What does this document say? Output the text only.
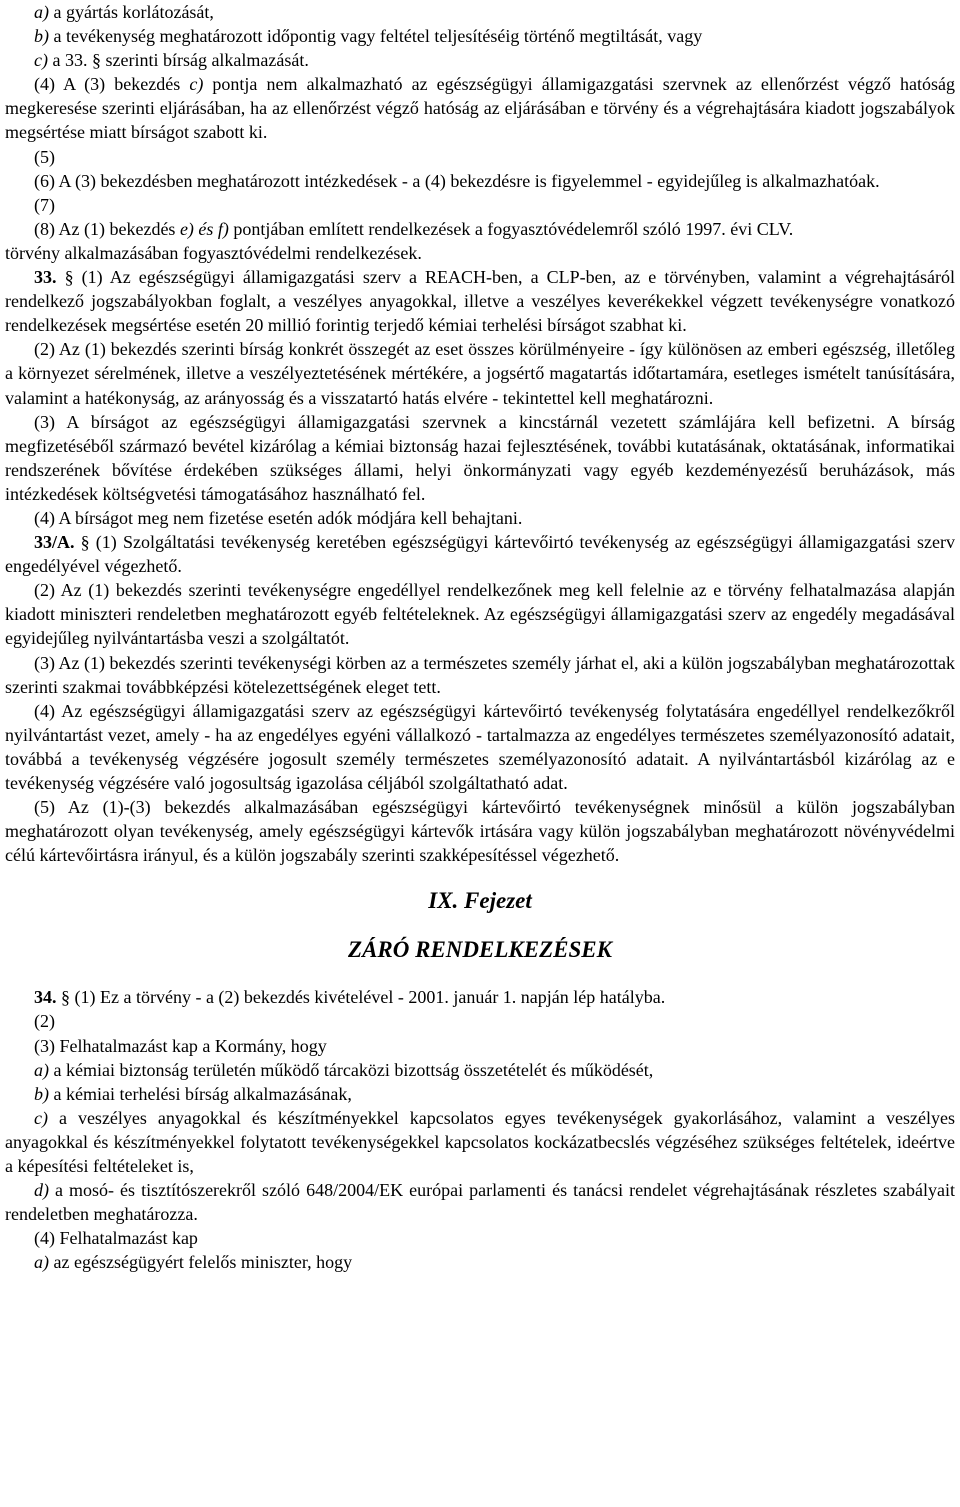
a) a gyártás korlátozását,

b) a tevékenység meghatározott időpontig vagy feltétel teljesítéséig történő megtiltását, vagy

c) a 33. § szerinti bírság alkalmazását.

(4) A (3) bekezdés c) pontja nem alkalmazható az egészségügyi államigazgatási szervnek az ellenőrzést végző hatóság megkeresése szerinti eljárásában, ha az ellenőrzést végző hatóság az eljárásában e törvény és a végrehajtására kiadott jogszabályok megsértése miatt bírságot szabott ki.

(5)

(6) A (3) bekezdésben meghatározott intézkedések - a (4) bekezdésre is figyelemmel - egyidejűleg is alkalmazhatóak.

(7)

(8) Az (1) bekezdés e) és f) pontjában említett rendelkezések a fogyasztóvédelemről szóló 1997. évi CLV.

törvény alkalmazásában fogyasztóvédelmi rendelkezések.

33. § (1) Az egészségügyi államigazgatási szerv a REACH-ben, a CLP-ben, az e törvényben, valamint a végrehajtásáról rendelkező jogszabályokban foglalt, a veszélyes anyagokkal, illetve a veszélyes keverékekkel végzett tevékenységre vonatkozó rendelkezések megsértése esetén 20 millió forintig terjedő kémiai terhelési bírságot szabhat ki.

(2) Az (1) bekezdés szerinti bírság konkrét összegét az eset összes körülményeire - így különösen az emberi egészség, illetőleg a környezet sérelmének, illetve a veszélyeztetésének mértékére, a jogsértő magatartás időtartamára, esetleges ismételt tanúsítására, valamint a hatékonyság, az arányosság és a visszatartó hatás elvére - tekintettel kell meghatározni.

(3) A bírságot az egészségügyi államigazgatási szervnek a kincstárnál vezetett számlájára kell befizetni. A bírság megfizetéséből származó bevétel kizárólag a kémiai biztonság hazai fejlesztésének, további kutatásának, oktatásának, informatikai rendszerének bővítése érdekében szükséges állami, helyi önkormányzati vagy egyéb kezdeményezésű beruházások, más intézkedések költségvetési támogatásához használható fel.

(4) A bírságot meg nem fizetése esetén adók módjára kell behajtani.

33/A. § (1) Szolgáltatási tevékenység keretében egészségügyi kártevőirtó tevékenység az egészségügyi államigazgatási szerv engedélyével végezhető.

(2) Az (1) bekezdés szerinti tevékenységre engedéllyel rendelkezőnek meg kell felelnie az e törvény felhatalmazása alapján kiadott miniszteri rendeletben meghatározott egyéb feltételeknek. Az egészségügyi államigazgatási szerv az engedély megadásával egyidejűleg nyilvántartásba veszi a szolgáltatót.

(3) Az (1) bekezdés szerinti tevékenységi körben az a természetes személy járhat el, aki a külön jogszabályban meghatározottak szerinti szakmai továbbképzési kötelezettségének eleget tett.

(4) Az egészségügyi államigazgatási szerv az egészségügyi kártevőirtó tevékenység folytatására engedéllyel rendelkezőkről nyilvántartást vezet, amely - ha az engedélyes egyéni vállalkozó - tartalmazza az engedélyes természetes személyazonosító adatait, továbbá a tevékenység végzésére jogosult személy természetes személyazonosító adatait. A nyilvántartásból kizárólag az e tevékenység végzésére való jogosultság igazolása céljából szolgáltatható adat.

(5) Az (1)-(3) bekezdés alkalmazásában egészségügyi kártevőirtó tevékenységnek minősül a külön jogszabályban meghatározott olyan tevékenység, amely egészségügyi kártevők irtására vagy külön jogszabályban meghatározott növényvédelmi célú kártevőirtásra irányul, és a külön jogszabály szerinti szakképesítéssel végezhető.

IX. Fejezet

ZÁRÓ RENDELKEZÉSEK

34. § (1) Ez a törvény - a (2) bekezdés kivételével - 2001. január 1. napján lép hatályba.

(2)

(3) Felhatalmazást kap a Kormány, hogy

a) a kémiai biztonság területén működő tárcaközi bizottság összetételét és működését,

b) a kémiai terhelési bírság alkalmazásának,

c) a veszélyes anyagokkal és készítményekkel kapcsolatos egyes tevékenységek gyakorlásához, valamint a veszélyes anyagokkal és készítményekkel folytatott tevékenységekkel kapcsolatos kockázatbecslés végzéséhez szükséges feltételek, ideértve a képesítési feltételeket is,

d) a mosó- és tisztítószerekről szóló 648/2004/EK európai parlamenti és tanácsi rendelet végrehajtásának részletes szabályait rendeletben meghatározza.

(4) Felhatalmazást kap

a) az egészségügyért felelős miniszter, hogy
